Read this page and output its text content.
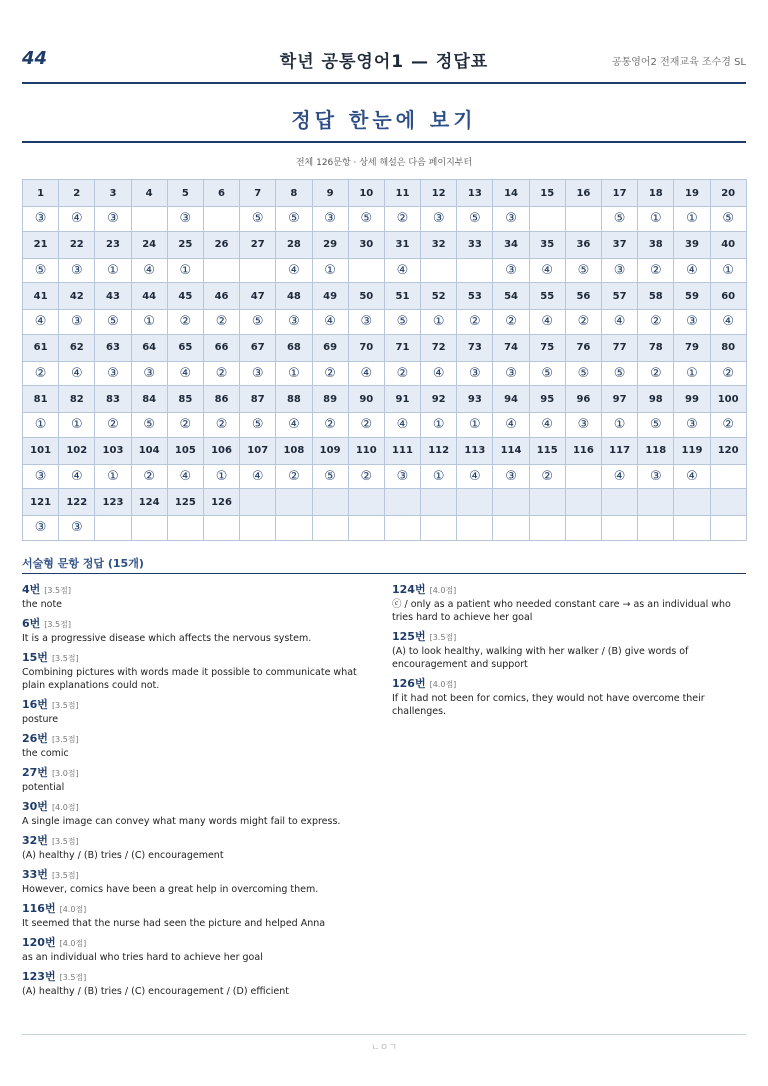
44	학년 공통영어1 — 정답표	공통영어2 전재교육 조수경 SL
정답 한눈에 보기
전체 126문항 · 상세 해설은 다음 페이지부터
1	2	3	4	5	6	7	8	9	10	11	12	13	14	15	16	17	18	19	20
③	④	③		③		⑤	⑤	③	⑤	②	③	⑤	③			⑤	①	①	⑤
21	22	23	24	25	26	27	28	29	30	31	32	33	34	35	36	37	38	39	40
⑤	③	①	④	①			④	①		④			③	④	⑤	③	②	④	①
41	42	43	44	45	46	47	48	49	50	51	52	53	54	55	56	57	58	59	60
④	③	⑤	①	②	②	⑤	③	④	③	⑤	①	②	②	④	②	④	②	③	④
61	62	63	64	65	66	67	68	69	70	71	72	73	74	75	76	77	78	79	80
②	④	③	③	④	②	③	①	②	④	②	④	③	③	⑤	⑤	⑤	②	①	②
81	82	83	84	85	86	87	88	89	90	91	92	93	94	95	96	97	98	99	100
①	①	②	⑤	②	②	⑤	④	②	②	④	①	①	④	④	③	①	⑤	③	②
101	102	103	104	105	106	107	108	109	110	111	112	113	114	115	116	117	118	119	120
③	④	①	②	④	①	④	②	⑤	②	③	①	④	③	②		④	③	④	
121	122	123	124	125	126														
③	③																		
서술형 문항 정답 (15개)
4번 [3.5점]
the note
6번 [3.5점]
It is a progressive disease which affects the nervous system.
15번 [3.5점]
Combining pictures with words made it possible to communicate what plain explanations could not.
16번 [3.5점]
posture
26번 [3.5점]
the comic
27번 [3.0점]
potential
30번 [4.0점]
A single image can convey what many words might fail to express.
32번 [3.5점]
(A) healthy / (B) tries / (C) encouragement
33번 [3.5점]
However, comics have been a great help in overcoming them.
116번 [4.0점]
It seemed that the nurse had seen the picture and helped Anna
120번 [4.0점]
as an individual who tries hard to achieve her goal
123번 [3.5점]
(A) healthy / (B) tries / (C) encouragement / (D) efficient
124번 [4.0점]
ⓒ / only as a patient who needed constant care → as an individual who tries hard to achieve her goal
125번 [3.5점]
(A) to look healthy, walking with her walker / (B) give words of encouragement and support
126번 [4.0점]
If it had not been for comics, they would not have overcome their challenges.
ㄴㅇㄱ
